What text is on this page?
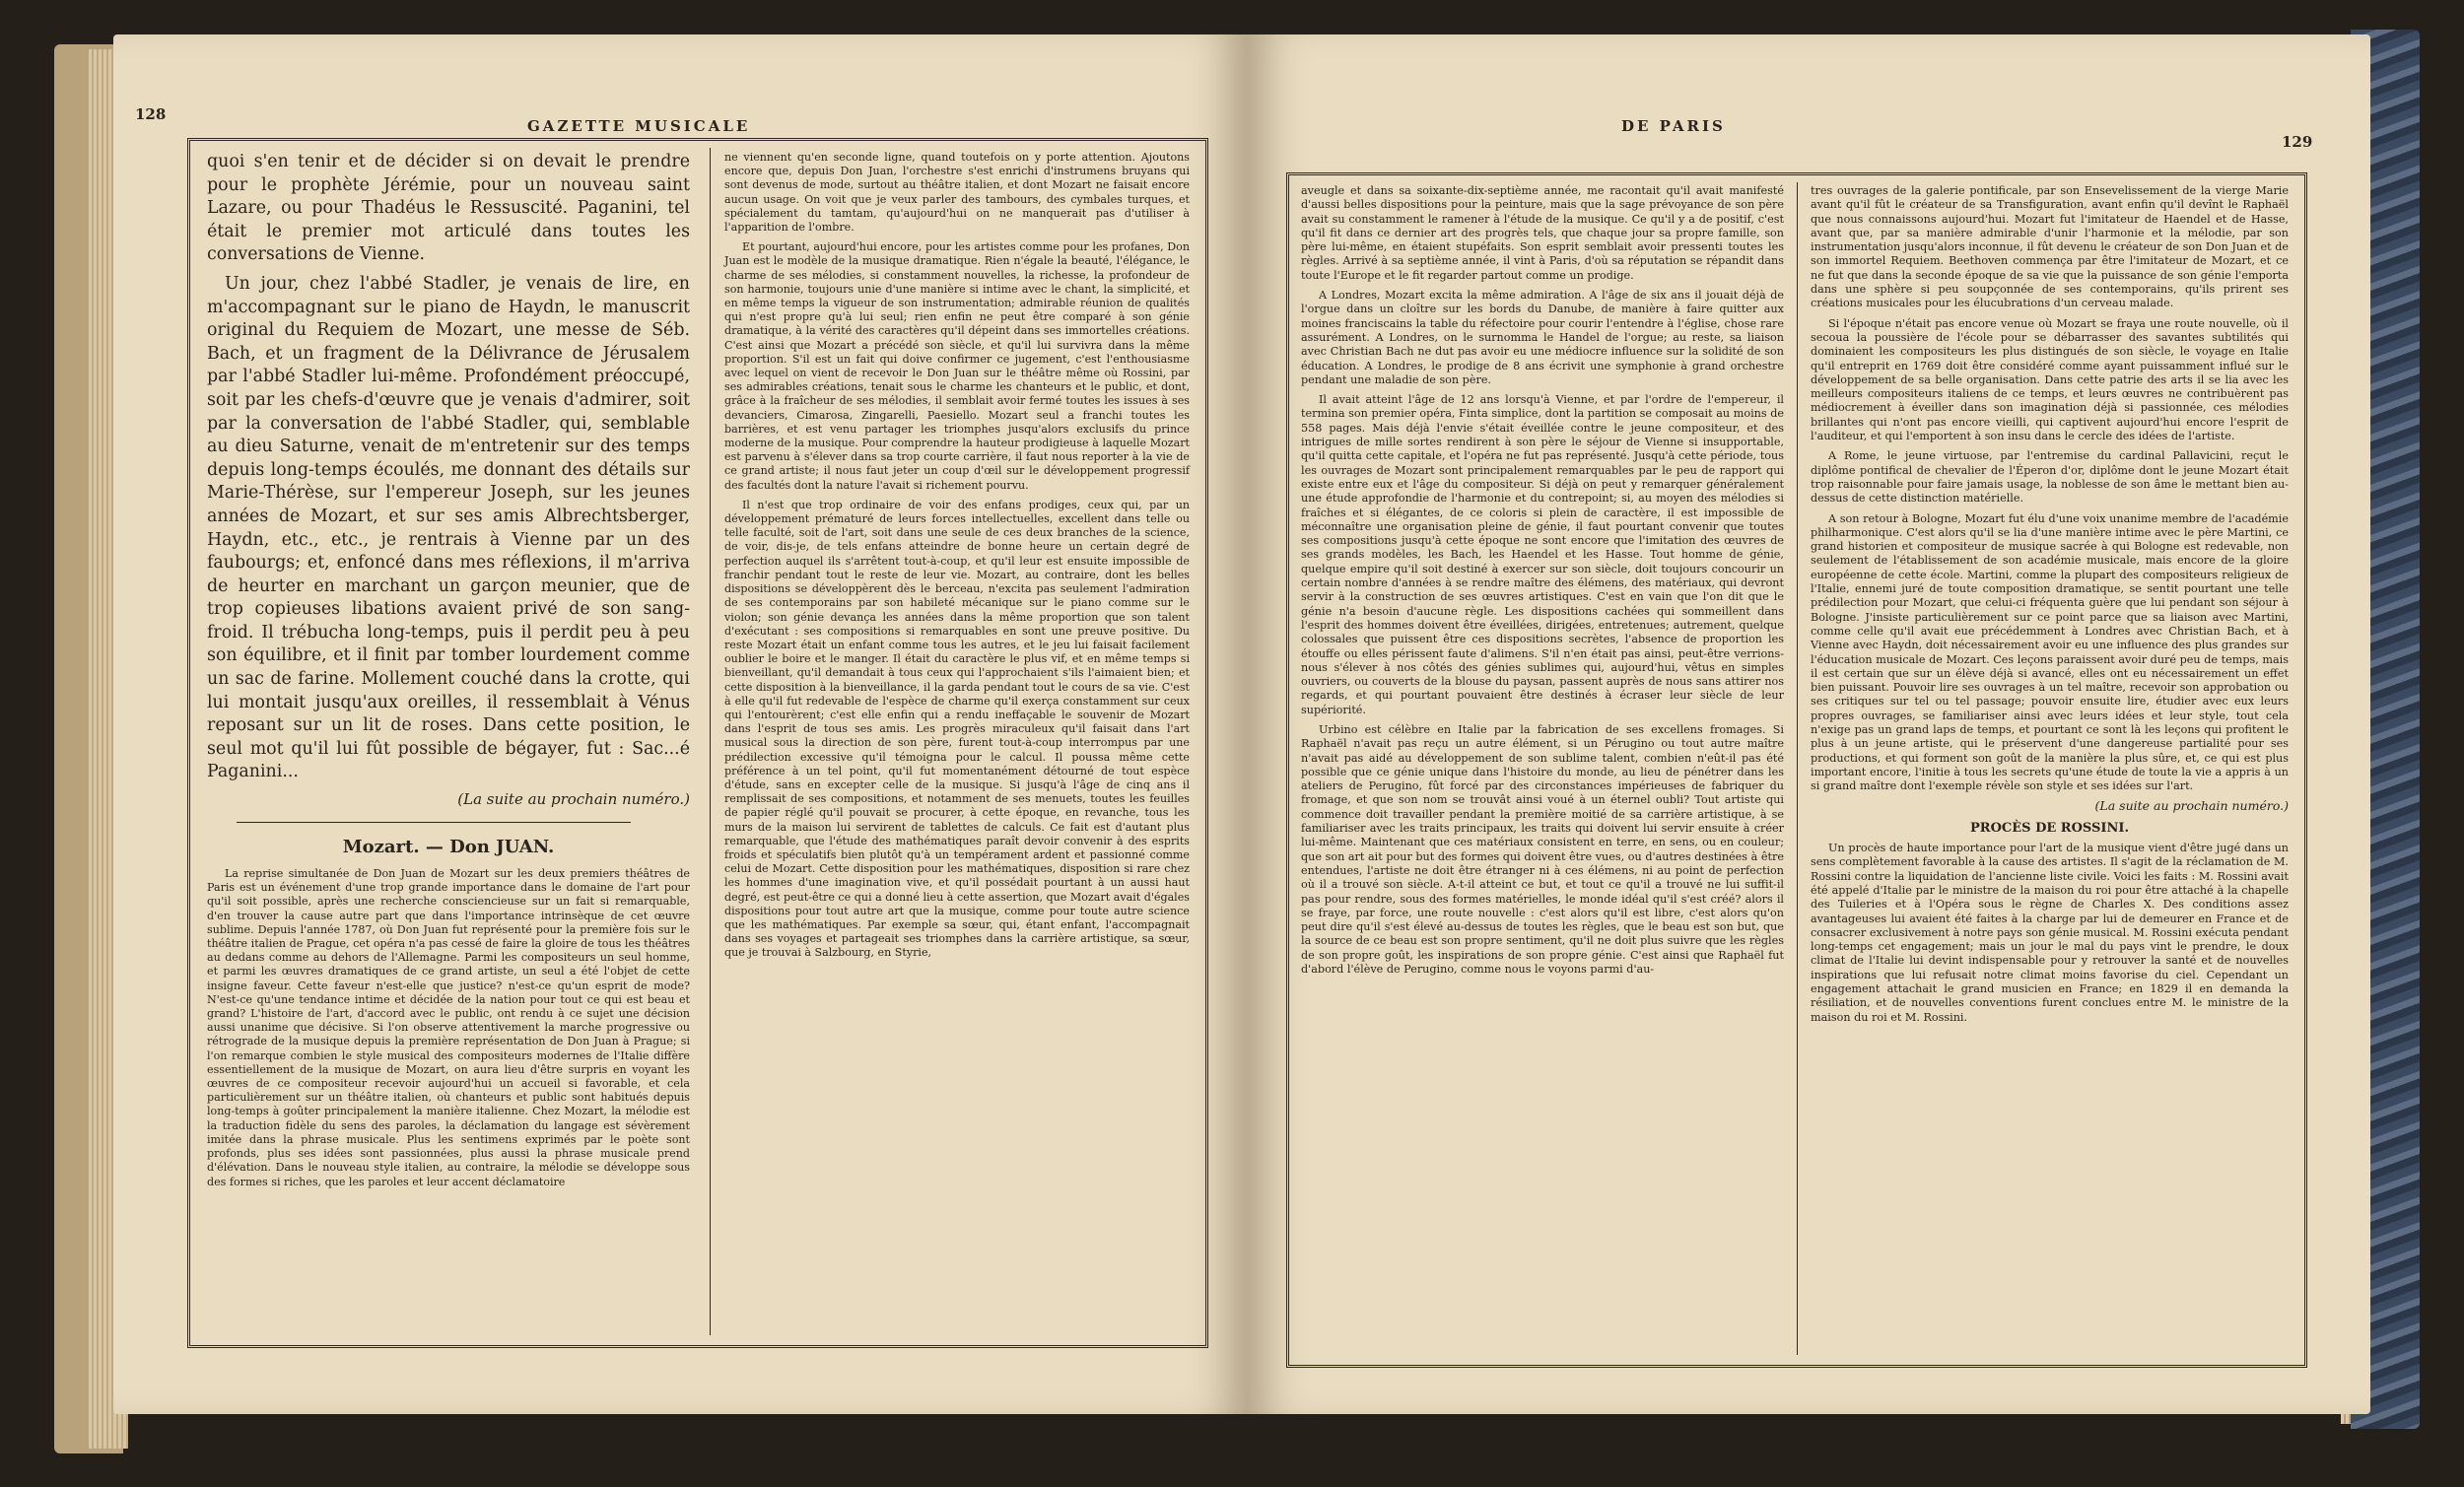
128
GAZETTE MUSICALE

quoi s'en tenir et de décider si on devait le prendre pour le prophète Jérémie, pour un nouveau saint Lazare, ou pour Thadéus le Ressuscité. Paganini, tel était le premier mot articulé dans toutes les conversations de Vienne.

Un jour, chez l'abbé Stadler, je venais de lire, en m'accompagnant sur le piano de Haydn, le manuscrit original du Requiem de Mozart, une messe de Séb. Bach, et un fragment de la Délivrance de Jérusalem par l'abbé Stadler lui-même. Profondément préoccupé, soit par les chefs-d'œuvre que je venais d'admirer, soit par la conversation de l'abbé Stadler, qui, semblable au dieu Saturne, venait de m'entretenir sur des temps depuis long-temps écoulés, me donnant des détails sur Marie-Thérèse, sur l'empereur Joseph, sur les jeunes années de Mozart, et sur ses amis Albrechtsberger, Haydn, etc., etc., je rentrais à Vienne par un des faubourgs; et, enfoncé dans mes réflexions, il m'arriva de heurter en marchant un garçon meunier, que de trop copieuses libations avaient privé de son sang-froid. Il trébucha long-temps, puis il perdit peu à peu son équilibre, et il finit par tomber lourdement comme un sac de farine. Mollement couché dans la crotte, qui lui montait jusqu'aux oreilles, il ressemblait à Vénus reposant sur un lit de roses. Dans cette position, le seul mot qu'il lui fût possible de bégayer, fut : Sac...é Paganini...

(La suite au prochain numéro.)
Mozart. — Don JUAN.

La reprise simultanée de Don Juan de Mozart sur les deux premiers théâtres de Paris est un événement d'une trop grande importance dans le domaine de l'art pour qu'il soit possible, après une recherche consciencieuse sur un fait si remarquable, d'en trouver la cause autre part que dans l'importance intrinsèque de cet œuvre sublime. Depuis l'année 1787, où Don Juan fut représenté pour la première fois sur le théâtre italien de Prague, cet opéra n'a pas cessé de faire la gloire de tous les théâtres au dedans comme au dehors de l'Allemagne. Parmi les compositeurs un seul homme, et parmi les œuvres dramatiques de ce grand artiste, un seul a été l'objet de cette insigne faveur. Cette faveur n'est-elle que justice? n'est-ce qu'un esprit de mode? N'est-ce qu'une tendance intime et décidée de la nation pour tout ce qui est beau et grand? L'histoire de l'art, d'accord avec le public, ont rendu à ce sujet une décision aussi unanime que décisive. Si l'on observe attentivement la marche progressive ou rétrograde de la musique depuis la première représentation de Don Juan à Prague; si l'on remarque combien le style musical des compositeurs modernes de l'Italie diffère essentiellement de la musique de Mozart, on aura lieu d'être surpris en voyant les œuvres de ce compositeur recevoir aujourd'hui un accueil si favorable, et cela particulièrement sur un théâtre italien, où chanteurs et public sont habitués depuis long-temps à goûter principalement la manière italienne. Chez Mozart, la mélodie est la traduction fidèle du sens des paroles, la déclamation du langage est sévèrement imitée dans la phrase musicale. Plus les sentimens exprimés par le poète sont profonds, plus ses idées sont passionnées, plus aussi la phrase musicale prend d'élévation. Dans le nouveau style italien, au contraire, la mélodie se développe sous des formes si riches, que les paroles et leur accent déclamatoire

ne viennent qu'en seconde ligne, quand toutefois on y porte attention. Ajoutons encore que, depuis Don Juan, l'orchestre s'est enrichi d'instrumens bruyans qui sont devenus de mode, surtout au théâtre italien, et dont Mozart ne faisait encore aucun usage. On voit que je veux parler des tambours, des cymbales turques, et spécialement du tamtam, qu'aujourd'hui on ne manquerait pas d'utiliser à l'apparition de l'ombre.

Et pourtant, aujourd'hui encore, pour les artistes comme pour les profanes, Don Juan est le modèle de la musique dramatique. Rien n'égale la beauté, l'élégance, le charme de ses mélodies, si constamment nouvelles, la richesse, la profondeur de son harmonie, toujours unie d'une manière si intime avec le chant, la simplicité, et en même temps la vigueur de son instrumentation; admirable réunion de qualités qui n'est propre qu'à lui seul; rien enfin ne peut être comparé à son génie dramatique, à la vérité des caractères qu'il dépeint dans ses immortelles créations. C'est ainsi que Mozart a précédé son siècle, et qu'il lui survivra dans la même proportion. S'il est un fait qui doive confirmer ce jugement, c'est l'enthousiasme avec lequel on vient de recevoir le Don Juan sur le théâtre même où Rossini, par ses admirables créations, tenait sous le charme les chanteurs et le public, et dont, grâce à la fraîcheur de ses mélodies, il semblait avoir fermé toutes les issues à ses devanciers, Cimarosa, Zingarelli, Paesiello. Mozart seul a franchi toutes les barrières, et est venu partager les triomphes jusqu'alors exclusifs du prince moderne de la musique. Pour comprendre la hauteur prodigieuse à laquelle Mozart est parvenu à s'élever dans sa trop courte carrière, il faut nous reporter à la vie de ce grand artiste; il nous faut jeter un coup d'œil sur le développement progressif des facultés dont la nature l'avait si richement pourvu.

Il n'est que trop ordinaire de voir des enfans prodiges, ceux qui, par un développement prématuré de leurs forces intellectuelles, excellent dans telle ou telle faculté, soit de l'art, soit dans une seule de ces deux branches de la science, de voir, dis-je, de tels enfans atteindre de bonne heure un certain degré de perfection auquel ils s'arrêtent tout-à-coup, et qu'il leur est ensuite impossible de franchir pendant tout le reste de leur vie. Mozart, au contraire, dont les belles dispositions se développèrent dès le berceau, n'excita pas seulement l'admiration de ses contemporains par son habileté mécanique sur le piano comme sur le violon; son génie devança les années dans la même proportion que son talent d'exécutant : ses compositions si remarquables en sont une preuve positive. Du reste Mozart était un enfant comme tous les autres, et le jeu lui faisait facilement oublier le boire et le manger. Il était du caractère le plus vif, et en même temps si bienveillant, qu'il demandait à tous ceux qui l'approchaient s'ils l'aimaient bien; et cette disposition à la bienveillance, il la garda pendant tout le cours de sa vie. C'est à elle qu'il fut redevable de l'espèce de charme qu'il exerça constamment sur ceux qui l'entourèrent; c'est elle enfin qui a rendu ineffaçable le souvenir de Mozart dans l'esprit de tous ses amis. Les progrès miraculeux qu'il faisait dans l'art musical sous la direction de son père, furent tout-à-coup interrompus par une prédilection excessive qu'il témoigna pour le calcul. Il poussa même cette préférence à un tel point, qu'il fut momentanément détourné de tout espèce d'étude, sans en excepter celle de la musique. Si jusqu'à l'âge de cinq ans il remplissait de ses compositions, et notamment de ses menuets, toutes les feuilles de papier réglé qu'il pouvait se procurer, à cette époque, en revanche, tous les murs de la maison lui servirent de tablettes de calculs. Ce fait est d'autant plus remarquable, que l'étude des mathématiques paraît devoir convenir à des esprits froids et spéculatifs bien plutôt qu'à un tempérament ardent et passionné comme celui de Mozart. Cette disposition pour les mathématiques, disposition si rare chez les hommes d'une imagination vive, et qu'il possédait pourtant à un aussi haut degré, est peut-être ce qui a donné lieu à cette assertion, que Mozart avait d'égales dispositions pour tout autre art que la musique, comme pour toute autre science que les mathématiques. Par exemple sa sœur, qui, étant enfant, l'accompagnait dans ses voyages et partageait ses triomphes dans la carrière artistique, sa sœur, que je trouvai à Salzbourg, en Styrie,

DE PARIS
129

aveugle et dans sa soixante-dix-septième année, me racontait qu'il avait manifesté d'aussi belles dispositions pour la peinture, mais que la sage prévoyance de son père avait su constamment le ramener à l'étude de la musique. Ce qu'il y a de positif, c'est qu'il fit dans ce dernier art des progrès tels, que chaque jour sa propre famille, son père lui-même, en étaient stupéfaits. Son esprit semblait avoir pressenti toutes les règles. Arrivé à sa septième année, il vint à Paris, d'où sa réputation se répandit dans toute l'Europe et le fit regarder partout comme un prodige.

A Londres, Mozart excita la même admiration. A l'âge de six ans il jouait déjà de l'orgue dans un cloître sur les bords du Danube, de manière à faire quitter aux moines franciscains la table du réfectoire pour courir l'entendre à l'église, chose rare assurément. A Londres, on le surnomma le Handel de l'orgue; au reste, sa liaison avec Christian Bach ne dut pas avoir eu une médiocre influence sur la solidité de son éducation. A Londres, le prodige de 8 ans écrivit une symphonie à grand orchestre pendant une maladie de son père.

Il avait atteint l'âge de 12 ans lorsqu'à Vienne, et par l'ordre de l'empereur, il termina son premier opéra, Finta simplice, dont la partition se composait au moins de 558 pages. Mais déjà l'envie s'était éveillée contre le jeune compositeur, et des intrigues de mille sortes rendirent à son père le séjour de Vienne si insupportable, qu'il quitta cette capitale, et l'opéra ne fut pas représenté. Jusqu'à cette période, tous les ouvrages de Mozart sont principalement remarquables par le peu de rapport qui existe entre eux et l'âge du compositeur. Si déjà on peut y remarquer généralement une étude approfondie de l'harmonie et du contrepoint; si, au moyen des mélodies si fraîches et si élégantes, de ce coloris si plein de caractère, il est impossible de méconnaître une organisation pleine de génie, il faut pourtant convenir que toutes ses compositions jusqu'à cette époque ne sont encore que l'imitation des œuvres de ses grands modèles, les Bach, les Haendel et les Hasse. Tout homme de génie, quelque empire qu'il soit destiné à exercer sur son siècle, doit toujours concourir un certain nombre d'années à se rendre maître des élémens, des matériaux, qui devront servir à la construction de ses œuvres artistiques. C'est en vain que l'on dit que le génie n'a besoin d'aucune règle. Les dispositions cachées qui sommeillent dans l'esprit des hommes doivent être éveillées, dirigées, entretenues; autrement, quelque colossales que puissent être ces dispositions secrètes, l'absence de proportion les étouffe ou elles périssent faute d'alimens. S'il n'en était pas ainsi, peut-être verrions-nous s'élever à nos côtés des génies sublimes qui, aujourd'hui, vêtus en simples ouvriers, ou couverts de la blouse du paysan, passent auprès de nous sans attirer nos regards, et qui pourtant pouvaient être destinés à écraser leur siècle de leur supériorité.

Urbino est célèbre en Italie par la fabrication de ses excellens fromages. Si Raphaël n'avait pas reçu un autre élément, si un Pérugino ou tout autre maître n'avait pas aidé au développement de son sublime talent, combien n'eût-il pas été possible que ce génie unique dans l'histoire du monde, au lieu de pénétrer dans les ateliers de Perugino, fût forcé par des circonstances impérieuses de fabriquer du fromage, et que son nom se trouvât ainsi voué à un éternel oubli? Tout artiste qui commence doit travailler pendant la première moitié de sa carrière artistique, à se familiariser avec les traits principaux, les traits qui doivent lui servir ensuite à créer lui-même. Maintenant que ces matériaux consistent en terre, en sens, ou en couleur; que son art ait pour but des formes qui doivent être vues, ou d'autres destinées à être entendues, l'artiste ne doit être étranger ni à ces élémens, ni au point de perfection où il a trouvé son siècle. A-t-il atteint ce but, et tout ce qu'il a trouvé ne lui suffit-il pas pour rendre, sous des formes matérielles, le monde idéal qu'il s'est créé? alors il se fraye, par force, une route nouvelle : c'est alors qu'il est libre, c'est alors qu'on peut dire qu'il s'est élevé au-dessus de toutes les règles, que le beau est son but, que la source de ce beau est son propre sentiment, qu'il ne doit plus suivre que les règles de son propre goût, les inspirations de son propre génie. C'est ainsi que Raphaël fut d'abord l'élève de Perugino, comme nous le voyons parmi d'au-

tres ouvrages de la galerie pontificale, par son Ensevelissement de la vierge Marie avant qu'il fût le créateur de sa Transfiguration, avant enfin qu'il devînt le Raphaël que nous connaissons aujourd'hui. Mozart fut l'imitateur de Haendel et de Hasse, avant que, par sa manière admirable d'unir l'harmonie et la mélodie, par son instrumentation jusqu'alors inconnue, il fût devenu le créateur de son Don Juan et de son immortel Requiem. Beethoven commença par être l'imitateur de Mozart, et ce ne fut que dans la seconde époque de sa vie que la puissance de son génie l'emporta dans une sphère si peu soupçonnée de ses contemporains, qu'ils prirent ses créations musicales pour les élucubrations d'un cerveau malade.

Si l'époque n'était pas encore venue où Mozart se fraya une route nouvelle, où il secoua la poussière de l'école pour se débarrasser des savantes subtilités qui dominaient les compositeurs les plus distingués de son siècle, le voyage en Italie qu'il entreprit en 1769 doit être considéré comme ayant puissamment influé sur le développement de sa belle organisation. Dans cette patrie des arts il se lia avec les meilleurs compositeurs italiens de ce temps, et leurs œuvres ne contribuèrent pas médiocrement à éveiller dans son imagination déjà si passionnée, ces mélodies brillantes qui n'ont pas encore vieilli, qui captivent aujourd'hui encore l'esprit de l'auditeur, et qui l'emportent à son insu dans le cercle des idées de l'artiste.

A Rome, le jeune virtuose, par l'entremise du cardinal Pallavicini, reçut le diplôme pontifical de chevalier de l'Éperon d'or, diplôme dont le jeune Mozart était trop raisonnable pour faire jamais usage, la noblesse de son âme le mettant bien au-dessus de cette distinction matérielle.

A son retour à Bologne, Mozart fut élu d'une voix unanime membre de l'académie philharmonique. C'est alors qu'il se lia d'une manière intime avec le père Martini, ce grand historien et compositeur de musique sacrée à qui Bologne est redevable, non seulement de l'établissement de son académie musicale, mais encore de la gloire européenne de cette école. Martini, comme la plupart des compositeurs religieux de l'Italie, ennemi juré de toute composition dramatique, se sentit pourtant une telle prédilection pour Mozart, que celui-ci fréquenta guère que lui pendant son séjour à Bologne. J'insiste particulièrement sur ce point parce que sa liaison avec Martini, comme celle qu'il avait eue précédemment à Londres avec Christian Bach, et à Vienne avec Haydn, doit nécessairement avoir eu une influence des plus grandes sur l'éducation musicale de Mozart. Ces leçons paraissent avoir duré peu de temps, mais il est certain que sur un élève déjà si avancé, elles ont eu nécessairement un effet bien puissant. Pouvoir lire ses ouvrages à un tel maître, recevoir son approbation ou ses critiques sur tel ou tel passage; pouvoir ensuite lire, étudier avec eux leurs propres ouvrages, se familiariser ainsi avec leurs idées et leur style, tout cela n'exige pas un grand laps de temps, et pourtant ce sont là les leçons qui profitent le plus à un jeune artiste, qui le préservent d'une dangereuse partialité pour ses productions, et qui forment son goût de la manière la plus sûre, et, ce qui est plus important encore, l'initie à tous les secrets qu'une étude de toute la vie a appris à un si grand maître dont l'exemple révèle son style et ses idées sur l'art.

(La suite au prochain numéro.)
PROCÈS DE ROSSINI.

Un procès de haute importance pour l'art de la musique vient d'être jugé dans un sens complètement favorable à la cause des artistes. Il s'agit de la réclamation de M. Rossini contre la liquidation de l'ancienne liste civile. Voici les faits : M. Rossini avait été appelé d'Italie par le ministre de la maison du roi pour être attaché à la chapelle des Tuileries et à l'Opéra sous le règne de Charles X. Des conditions assez avantageuses lui avaient été faites à la charge par lui de demeurer en France et de consacrer exclusivement à notre pays son génie musical. M. Rossini exécuta pendant long-temps cet engagement; mais un jour le mal du pays vint le prendre, le doux climat de l'Italie lui devint indispensable pour y retrouver la santé et de nouvelles inspirations que lui refusait notre climat moins favorise du ciel. Cependant un engagement attachait le grand musicien en France; en 1829 il en demanda la résiliation, et de nouvelles conventions furent conclues entre M. le ministre de la maison du roi et M. Rossini.
